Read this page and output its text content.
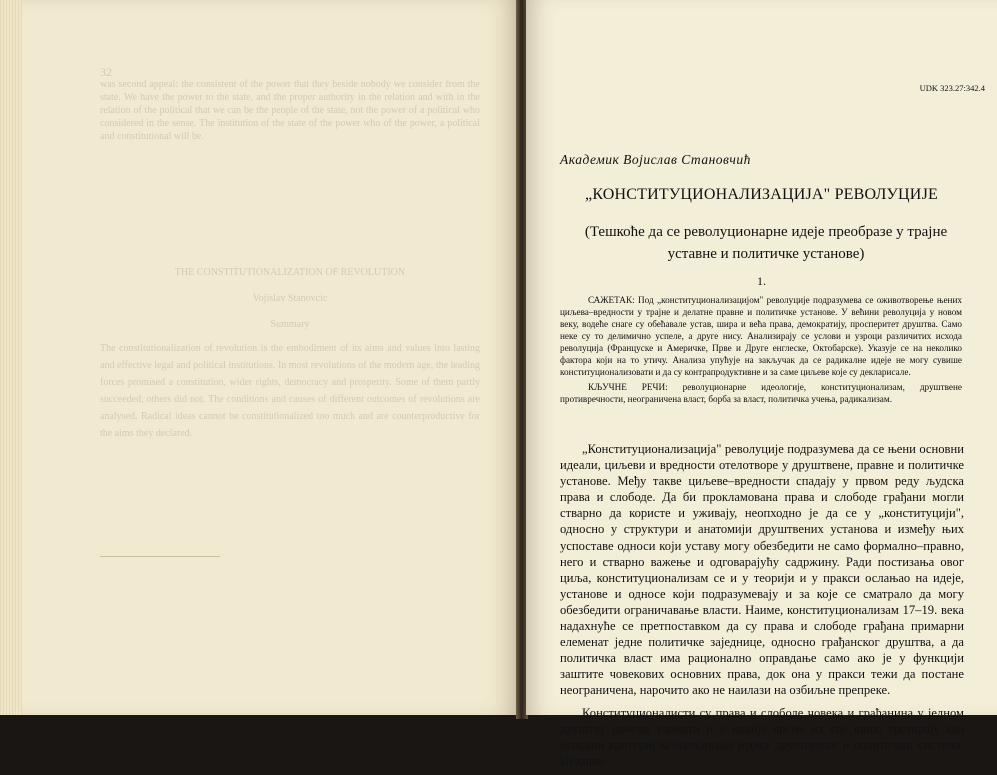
32
was second appeal: the consistent of the power that they beside nobody we consider from the state. We have the power to the state, and the proper authority in the relation and with in the relation of the political that we can be the people of the state, not the power of a political who considered in the sense. The institution of the state of the power who of the power, a political and constitutional will be.
THE CONSTITUTIONALIZATION OF REVOLUTION
Vojislav Stanovcic
Summary
The constitutionalization of revolution is the embodiment of its aims and values into lasting and effective legal and political institutions. In most revolutions of the modern age, the leading forces promised a constitution, wider rights, democracy and prosperity. Some of them partly succeeded, others did not. The conditions and causes of different outcomes of revolutions are analysed. Radical ideas cannot be constitutionalized too much and are counterproductive for the aims they declared.
UDK 323.27:342.4
Академик Војислав Становчић
„КОНСТИТУЦИОНАЛИЗАЦИЈА" РЕВОЛУЦИЈЕ
(Тешкоће да се револуционарне идеје преобразе у трајне
уставне и политичке установе)
1.

САЖЕТАК: Под „конституционализацијом" револуције подразумева се оживотворење њених циљева–вредности у трајне и делатне правне и политичке установе. У већини револуција у новом веку, водеће снаге су обећавале устав, шира и већа права, демократију, просперитет друштва. Само неке су то делимично успеле, а друге нису. Анализирају се услови и узроци различитих исхода револуција (Француске и Америчке, Прве и Друге енглеске, Октобарске). Указује се на неколико фактора који на то утичу. Анализа упућује на закључак да се радикалне идеје не могу сувише конституционализовати и да су контрапродуктивне и за саме циљеве које су декларисале.

КЉУЧНЕ РЕЧИ: револуционарне идеологије, конституционализам, друштвене противречности, неограничена власт, борба за власт, политичка учења, радикализам.

„Конституционализација" револуције подразумева да се њени основни идеали, циљеви и вредности отелотворе у друштвене, правне и политичке установе. Међу такве циљеве–вредности спадају у првом реду људска права и слободе. Да би прокламована права и слободе грађани могли стварно да користе и уживају, неопходно је да се у „конституцији", односно у структури и анатомији друштвених установа и између њих успоставе односи који уставу могу обезбедити не само формално–правно, него и стварно важење и одговарајућу садржину. Ради постизања овог циља, конституционализам се и у теорији и у пракси ослањао на идеје, установе и односе који подразумевају и за које се сматрало да могу обезбедити ограничавање власти. Наиме, конституционализам 17–19. века надахнуће се претпоставком да су права и слободе грађана примарни елеменат једне политичке заједнице, односно грађанског друштва, а да политичка власт има рационално оправдање само ако је у функцији заштите човекових основних права, док она у пракси тежи да постане неограничена, нарочито ако не наилази на озбиљне препреке.

Конституционалисти су права и слободе човека и грађанина у једном друштву почели узимати и у новије време их све више третирају као основни критериј за оцењивање једног друштвеног и политичког система. Индиви-
